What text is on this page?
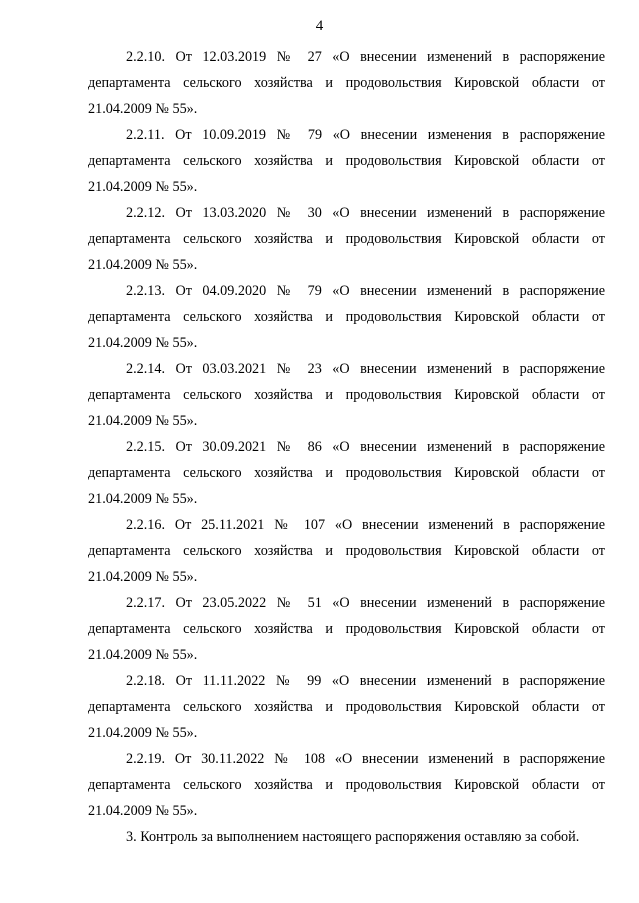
4

2.2.10. От 12.03.2019 № 27 «О внесении изменений в распоряжение департамента сельского хозяйства и продовольствия Кировской области от 21.04.2009 № 55».

2.2.11. От 10.09.2019 № 79 «О внесении изменения в распоряжение департамента сельского хозяйства и продовольствия Кировской области от 21.04.2009 № 55».

2.2.12. От 13.03.2020 № 30 «О внесении изменений в распоряжение департамента сельского хозяйства и продовольствия Кировской области от 21.04.2009 № 55».

2.2.13. От 04.09.2020 № 79 «О внесении изменений в распоряжение департамента сельского хозяйства и продовольствия Кировской области от 21.04.2009 № 55».

2.2.14. От 03.03.2021 № 23 «О внесении изменений в распоряжение департамента сельского хозяйства и продовольствия Кировской области от 21.04.2009 № 55».

2.2.15. От 30.09.2021 № 86 «О внесении изменений в распоряжение департамента сельского хозяйства и продовольствия Кировской области от 21.04.2009 № 55».

2.2.16. От 25.11.2021 № 107 «О внесении изменений в распоряжение департамента сельского хозяйства и продовольствия Кировской области от 21.04.2009 № 55».

2.2.17. От 23.05.2022 № 51 «О внесении изменений в распоряжение департамента сельского хозяйства и продовольствия Кировской области от 21.04.2009 № 55».

2.2.18. От 11.11.2022 № 99 «О внесении изменений в распоряжение департамента сельского хозяйства и продовольствия Кировской области от 21.04.2009 № 55».

2.2.19. От 30.11.2022 № 108 «О внесении изменений в распоряжение департамента сельского хозяйства и продовольствия Кировской области от 21.04.2009 № 55».

3. Контроль за выполнением настоящего распоряжения оставляю за собой.
